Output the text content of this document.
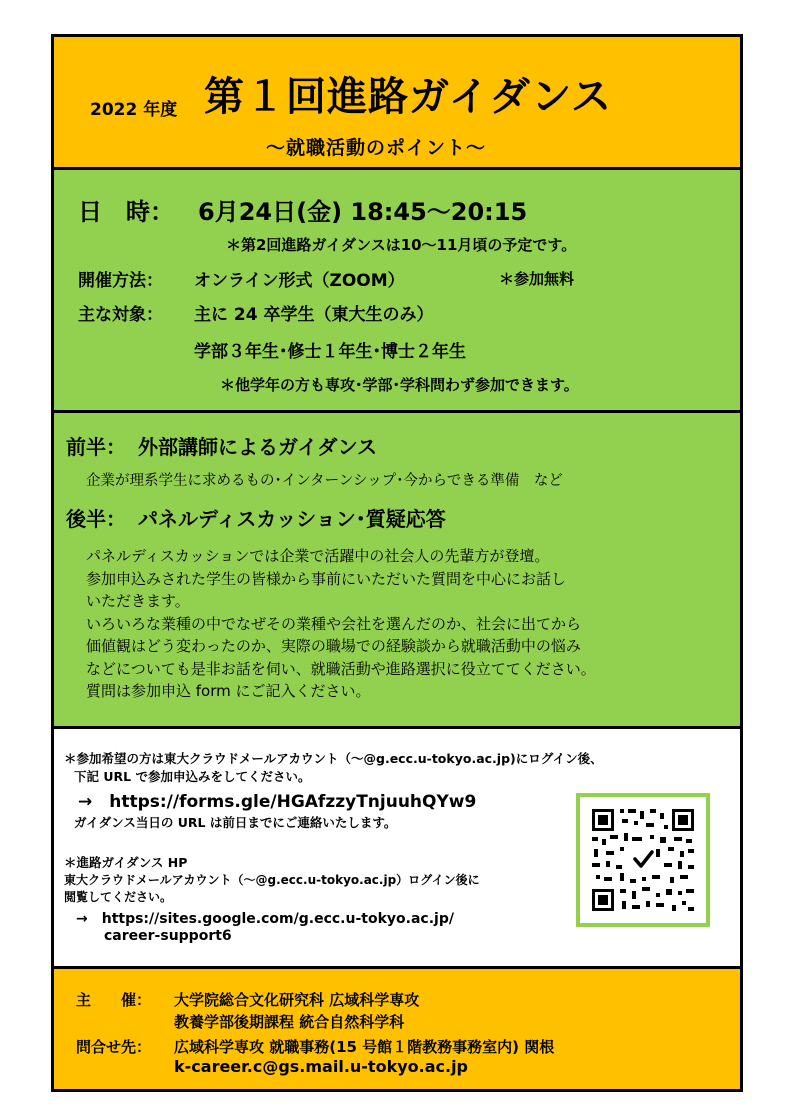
2022 年度 第１回進路ガイダンス
～就職活動のポイント～
日　時： 6月24日(金) 18:45～20:15
＊第2回進路ガイダンスは10～11月頃の予定です。
開催方法： オンライン形式（ZOOM）	＊参加無料
主な対象： 主に 24 卒学生（東大生のみ）
学部３年生･修士１年生･博士２年生
＊他学年の方も専攻･学部･学科問わず参加できます。
前半： 外部講師によるガイダンス
企業が理系学生に求めるもの･インターンシップ･今からできる準備　など
後半： パネルディスカッション･質疑応答
パネルディスカッションでは企業で活躍中の社会人の先輩方が登壇。
参加申込みされた学生の皆様から事前にいただいた質問を中心にお話し
いただきます。
いろいろな業種の中でなぜその業種や会社を選んだのか、社会に出てから
価値観はどう変わったのか、実際の職場での経験談から就職活動中の悩み
などについても是非お話を伺い、就職活動や進路選択に役立ててください。
質問は参加申込 form にご記入ください。
＊参加希望の方は東大クラウドメールアカウント（～@g.ecc.u-tokyo.ac.jp)にログイン後、
下記 URL で参加申込みをしてください。
→　https://forms.gle/HGAfzzyTnjuuhQYw9
ガイダンス当日の URL は前日までにご連絡いたします。
＊進路ガイダンス HP
東大クラウドメールアカウント（～@g.ecc.u-tokyo.ac.jp）ログイン後に
閲覧してください。
→　https://sites.google.com/g.ecc.u-tokyo.ac.jp/
career-support6
主　　催： 大学院総合文化研究科 広域科学専攻
教養学部後期課程 統合自然科学科
問合せ先： 広域科学専攻 就職事務(15 号館１階教務事務室内) 関根
k-career.c@gs.mail.u-tokyo.ac.jp
